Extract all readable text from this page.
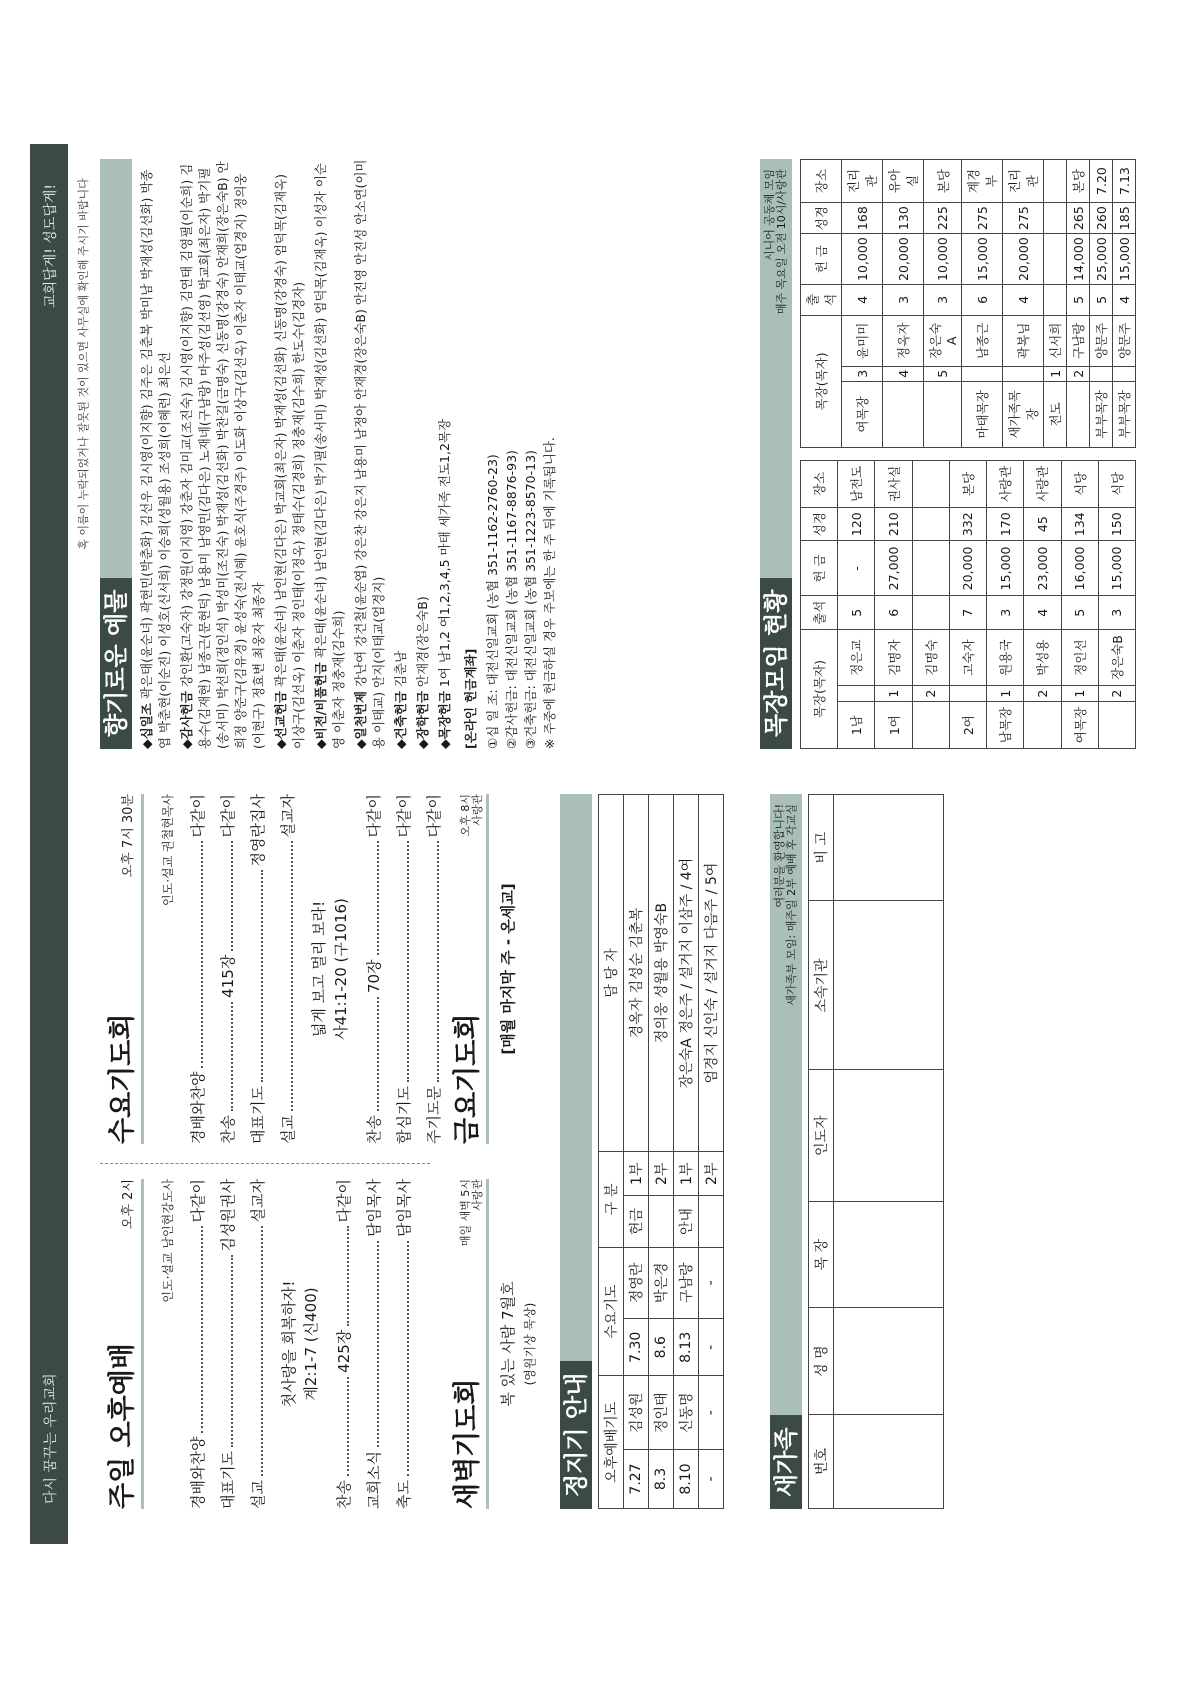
다시 꿈꾸는 우리교회
교회답게! 성도답게!
주일 오후예배
오후 2시 인도·설교 남인현강도사
경배와찬양
다같이
대표기도
김성원권사
설교
설교자
첫사랑을 회복하자! 계2:1-7 (신400)
찬송
425장
다같이
교회소식
담임목사
축도
담임목사
수요기도회
오후 7시 30분 인도·설교 권철현목사
경배와찬양
다같이
찬송
415장
다같이
대표기도
정영란집사
설교
설교자
넓게 보고 멀리 보라! 사41:1-20 (구1016)
찬송
70장
다같이
합심기도
다같이
주기도문
다같이
새벽기도회
매일 새벽 5시 사랑관
복 있는 사람 7월호 (영원기상 묵상)
금요기도회
오후 8시 사랑관
[매월 마지막 주 - 온세교]
정지기 안내 오후예배기도		수요기도		구 분		담 당 자
7.27	김성원	7.30	정영란	헌금	1부	경옥자 김성순 김춘복
8.3	정인태	8.6	박은경		2부	정의웅 성월용 박영숙B
8.10	신동명	8.13	구남랑	안내	1부	장은숙A 정은주 / 설거지 이삼주 / 4여
-	-	-	-		2부	엄경지 신인숙 / 설거지 다음주 / 5여
새가족
여러분을 환영합니다! 새가족부 모임: 매주일 2부 예배 후 각교실
번호	성 명	목 장	인도자	소속기관	비 고

향기로운 예물 ◆ 십일조 곽은태(윤순녀) 곽현민(박춘화) 김선우 김시영(이지향) 김주은 김춘복 박미남 박재성(김선화) 박종엽 박춘현(이순진) 이성호(신서희) 이승희(성월용) 조성희(이혜련) 최은선 ◆ 감사헌금 강인환(고숙자) 강정원(이지영) 강춘자 김미교(조진숙) 김시영(이지향) 김연태 김영필(이순희) 김용수(김재현) 남종근(문현덕) 남용미 남영민(김다은) 노재네(구남랑) 마주성(김선영) 박교회(최은자) 박기필(송서미) 박선희(정인석) 박성미(조진숙) 박재성(김선화) 박찬길(금명숙) 신동명(강경숙) 안재희(장은숙B) 안희정 양준구(김유경) 윤성숙(전시혜) 윤호식(주경주) 이도화 이상구(김선옥) 이춘자 이태교(엄경지) 정의웅(이현구) 정효변 최웅자 최종자 ◆ 선교헌금 곽은태(윤순녀) 남인현(김다은) 박교회(최은자) 박재성(김선화) 신동명(강경숙) 엄덕목(김재옥) 이상구(김선옥) 이춘자 정인태(이정옥) 정태수(김경희) 정충재(김수희) 한도수(김경자) ◆ 비전/비품헌금 곽은태(윤순녀) 남인현(김다은) 박기필(송서미) 박재성(김선화) 엄덕목(김재옥) 이성자 이순영 이춘자 정충재(김수희) ◆ 일천번제 강난여 강건철(윤순엽) 강은찬 강은지 남용미 남정아 안재경(장은숙B) 안진영 안진성 안소연(이미용 이태교) 안지(이태교(엄경지) ◆ 건축헌금 김춘남
◆ 장학헌금 안재경(장은숙B)
◆ 목장헌금 1여 남1,2 여1,2,3,4,5 마태 세가족 전도1,2목장
[온라인 헌금계좌] ①십 일 조: 대전신일교회 (농협 351-1162-2760-23) ②감사헌금: 대전신일교회 (농협 351-1167-8876-93) ③건축헌금: 대전신일교회 (농협 351-1223-8570-13) ※ 주중에 헌금하실 경우 주보에는 한 주 뒤에 기록됩니다.	목장모임 현황
시니어 공동체 모임 매주 목요일 오전 10시/사랑관
목장(목자)			출석	헌 금	성경	장소
1남		정은교	5	-	120	남전도
1여	1	김명자	6	27,000	210	권사실
	2	김명숙				
2여		고숙자	7	20,000	332	본당
남목장	1	원용국	3	15,000	170	사랑관
	2	박성용	4	23,000	45	사랑관
여목장	1	정인선	5	16,000	134	식당
	2	장은숙B	3	15,000	150	식당
목장(목자)			출석	헌 금	성경	장소
여목장	3	윤미미	4	10,000	168	진리관
	4	정옥자	3	20,000	130	유아실
	5	장은숙A	3	10,000	225	본당
마태목장		남종근	6	15,000	275	계경부
새가족목장		곽복님	4	20,000	275	진리관
전도	1	신서희				
	2	구남랑	5	14,000	265	본당
부부목장		양문주	5	25,000	260	7.20
부부목장		양문주	4	15,000	185	7.13
혹 이름이 누락되었거나 잘못된 것이 있으면 사무실에 확인해 주시기 바랍니다
